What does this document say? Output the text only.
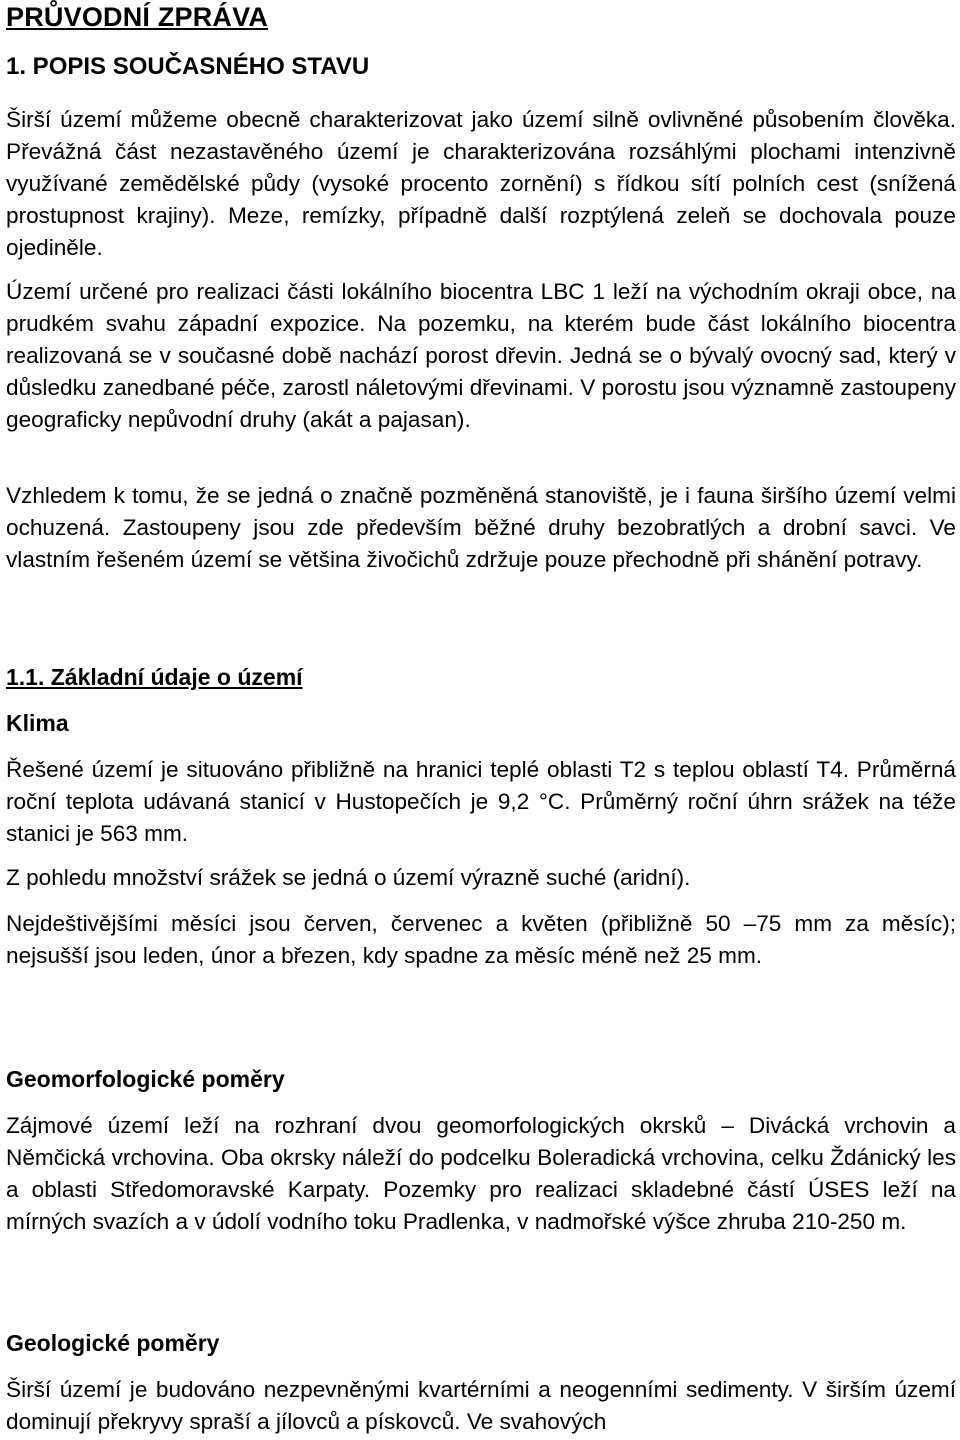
PRŮVODNÍ ZPRÁVA
1. POPIS SOUČASNÉHO STAVU

Širší území můžeme obecně charakterizovat jako území silně ovlivněné působením člověka. Převážná část nezastavěného území je charakterizována rozsáhlými plochami intenzivně využívané zemědělské půdy (vysoké procento zornění) s řídkou sítí polních cest (snížená prostupnost krajiny). Meze, remízky, případně další rozptýlená zeleň se dochovala pouze ojediněle.

Území určené pro realizaci části lokálního biocentra LBC 1 leží na východním okraji obce, na prudkém svahu západní expozice. Na pozemku, na kterém bude část lokálního biocentra realizovaná se v současné době nachází porost dřevin. Jedná se o bývalý ovocný sad, který v důsledku zanedbané péče, zarostl náletovými dřevinami. V porostu jsou významně zastoupeny geograficky nepůvodní druhy (akát a pajasan).

Vzhledem k tomu, že se jedná o značně pozměněná stanoviště, je i fauna širšího území velmi ochuzená. Zastoupeny jsou zde především běžné druhy bezobratlých a drobní savci. Ve vlastním řešeném území se většina živočichů zdržuje pouze přechodně při shánění potravy.

1.1. Základní údaje o území
Klima

Řešené území je situováno přibližně na hranici teplé oblasti T2 s teplou oblastí T4. Průměrná roční teplota udávaná stanicí v Hustopečích je 9,2 °C. Průměrný roční úhrn srážek na téže stanici je 563 mm.

Z pohledu množství srážek se jedná o území výrazně suché (aridní).

Nejdeštivějšími měsíci jsou červen, červenec a květen (přibližně 50 –75 mm za měsíc); nejsušší jsou leden, únor a březen, kdy spadne za měsíc méně než 25 mm.

Geomorfologické poměry

Zájmové území leží na rozhraní dvou geomorfologických okrsků – Divácká vrchovin a Němčická vrchovina. Oba okrsky náleží do podcelku Boleradická vrchovina, celku Ždánický les a oblasti Středomoravské Karpaty. Pozemky pro realizaci skladebné částí ÚSES leží na mírných svazích a v údolí vodního toku Pradlenka, v nadmořské výšce zhruba 210-250 m.

Geologické poměry

Širší území je budováno nezpevněnými kvartérními a neogenními sedimenty. V širším území dominují překryvy spraší a jílovců a pískovců. Ve svahových
